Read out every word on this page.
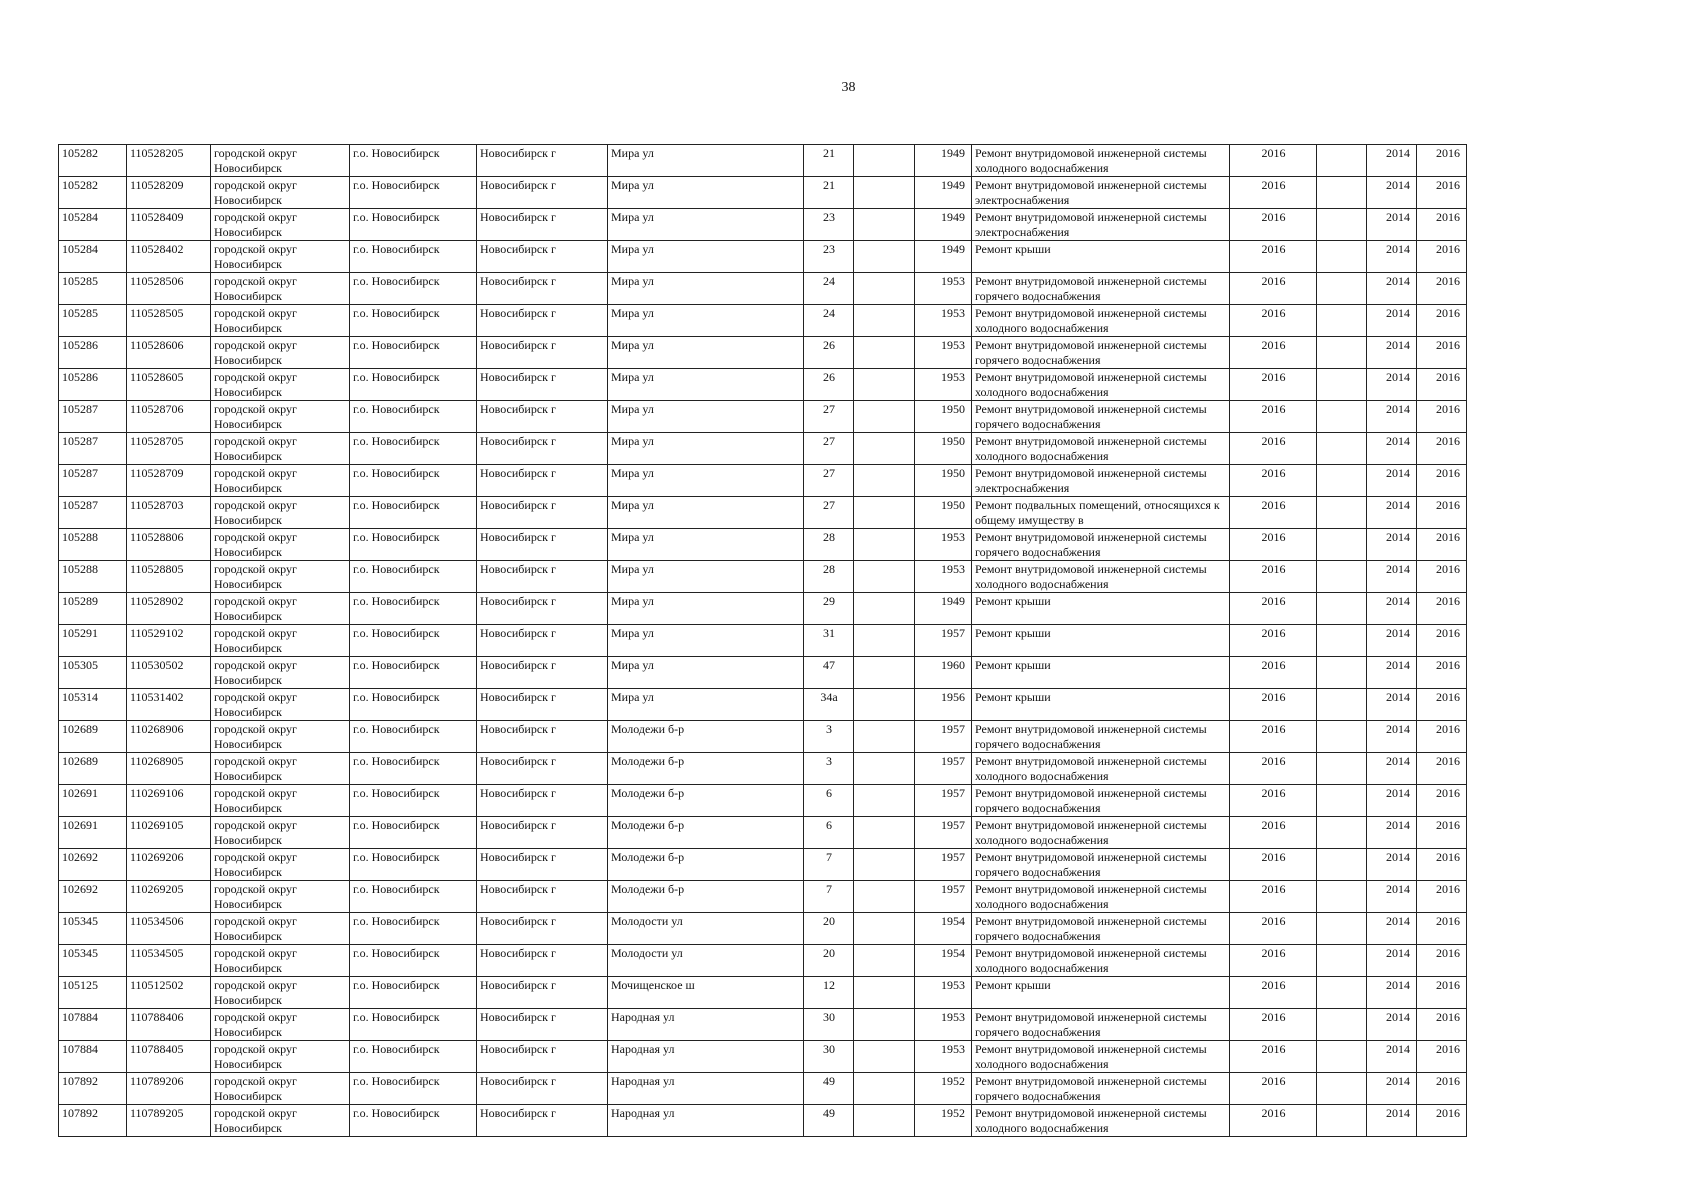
38
105282	110528205	городской округ Новосибирск	г.о. Новосибирск	Новосибирск г	Мира ул	21		1949	Ремонт внутридомовой инженерной системы холодного водоснабжения	2016		2014	2016
105282	110528209	городской округ Новосибирск	г.о. Новосибирск	Новосибирск г	Мира ул	21		1949	Ремонт внутридомовой инженерной системы электроснабжения	2016		2014	2016
105284	110528409	городской округ Новосибирск	г.о. Новосибирск	Новосибирск г	Мира ул	23		1949	Ремонт внутридомовой инженерной системы электроснабжения	2016		2014	2016
105284	110528402	городской округ Новосибирск	г.о. Новосибирск	Новосибирск г	Мира ул	23		1949	Ремонт крыши	2016		2014	2016
105285	110528506	городской округ Новосибирск	г.о. Новосибирск	Новосибирск г	Мира ул	24		1953	Ремонт внутридомовой инженерной системы горячего водоснабжения	2016		2014	2016
105285	110528505	городской округ Новосибирск	г.о. Новосибирск	Новосибирск г	Мира ул	24		1953	Ремонт внутридомовой инженерной системы холодного водоснабжения	2016		2014	2016
105286	110528606	городской округ Новосибирск	г.о. Новосибирск	Новосибирск г	Мира ул	26		1953	Ремонт внутридомовой инженерной системы горячего водоснабжения	2016		2014	2016
105286	110528605	городской округ Новосибирск	г.о. Новосибирск	Новосибирск г	Мира ул	26		1953	Ремонт внутридомовой инженерной системы холодного водоснабжения	2016		2014	2016
105287	110528706	городской округ Новосибирск	г.о. Новосибирск	Новосибирск г	Мира ул	27		1950	Ремонт внутридомовой инженерной системы горячего водоснабжения	2016		2014	2016
105287	110528705	городской округ Новосибирск	г.о. Новосибирск	Новосибирск г	Мира ул	27		1950	Ремонт внутридомовой инженерной системы холодного водоснабжения	2016		2014	2016
105287	110528709	городской округ Новосибирск	г.о. Новосибирск	Новосибирск г	Мира ул	27		1950	Ремонт внутридомовой инженерной системы электроснабжения	2016		2014	2016
105287	110528703	городской округ Новосибирск	г.о. Новосибирск	Новосибирск г	Мира ул	27		1950	Ремонт подвальных помещений, относящихся к общему имуществу в	2016		2014	2016
105288	110528806	городской округ Новосибирск	г.о. Новосибирск	Новосибирск г	Мира ул	28		1953	Ремонт внутридомовой инженерной системы горячего водоснабжения	2016		2014	2016
105288	110528805	городской округ Новосибирск	г.о. Новосибирск	Новосибирск г	Мира ул	28		1953	Ремонт внутридомовой инженерной системы холодного водоснабжения	2016		2014	2016
105289	110528902	городской округ Новосибирск	г.о. Новосибирск	Новосибирск г	Мира ул	29		1949	Ремонт крыши	2016		2014	2016
105291	110529102	городской округ Новосибирск	г.о. Новосибирск	Новосибирск г	Мира ул	31		1957	Ремонт крыши	2016		2014	2016
105305	110530502	городской округ Новосибирск	г.о. Новосибирск	Новосибирск г	Мира ул	47		1960	Ремонт крыши	2016		2014	2016
105314	110531402	городской округ Новосибирск	г.о. Новосибирск	Новосибирск г	Мира ул	34а		1956	Ремонт крыши	2016		2014	2016
102689	110268906	городской округ Новосибирск	г.о. Новосибирск	Новосибирск г	Молодежи б-р	3		1957	Ремонт внутридомовой инженерной системы горячего водоснабжения	2016		2014	2016
102689	110268905	городской округ Новосибирск	г.о. Новосибирск	Новосибирск г	Молодежи б-р	3		1957	Ремонт внутридомовой инженерной системы холодного водоснабжения	2016		2014	2016
102691	110269106	городской округ Новосибирск	г.о. Новосибирск	Новосибирск г	Молодежи б-р	6		1957	Ремонт внутридомовой инженерной системы горячего водоснабжения	2016		2014	2016
102691	110269105	городской округ Новосибирск	г.о. Новосибирск	Новосибирск г	Молодежи б-р	6		1957	Ремонт внутридомовой инженерной системы холодного водоснабжения	2016		2014	2016
102692	110269206	городской округ Новосибирск	г.о. Новосибирск	Новосибирск г	Молодежи б-р	7		1957	Ремонт внутридомовой инженерной системы горячего водоснабжения	2016		2014	2016
102692	110269205	городской округ Новосибирск	г.о. Новосибирск	Новосибирск г	Молодежи б-р	7		1957	Ремонт внутридомовой инженерной системы холодного водоснабжения	2016		2014	2016
105345	110534506	городской округ Новосибирск	г.о. Новосибирск	Новосибирск г	Молодости ул	20		1954	Ремонт внутридомовой инженерной системы горячего водоснабжения	2016		2014	2016
105345	110534505	городской округ Новосибирск	г.о. Новосибирск	Новосибирск г	Молодости ул	20		1954	Ремонт внутридомовой инженерной системы холодного водоснабжения	2016		2014	2016
105125	110512502	городской округ Новосибирск	г.о. Новосибирск	Новосибирск г	Мочищенское ш	12		1953	Ремонт крыши	2016		2014	2016
107884	110788406	городской округ Новосибирск	г.о. Новосибирск	Новосибирск г	Народная ул	30		1953	Ремонт внутридомовой инженерной системы горячего водоснабжения	2016		2014	2016
107884	110788405	городской округ Новосибирск	г.о. Новосибирск	Новосибирск г	Народная ул	30		1953	Ремонт внутридомовой инженерной системы холодного водоснабжения	2016		2014	2016
107892	110789206	городской округ Новосибирск	г.о. Новосибирск	Новосибирск г	Народная ул	49		1952	Ремонт внутридомовой инженерной системы горячего водоснабжения	2016		2014	2016
107892	110789205	городской округ Новосибирск	г.о. Новосибирск	Новосибирск г	Народная ул	49		1952	Ремонт внутридомовой инженерной системы холодного водоснабжения	2016		2014	2016
